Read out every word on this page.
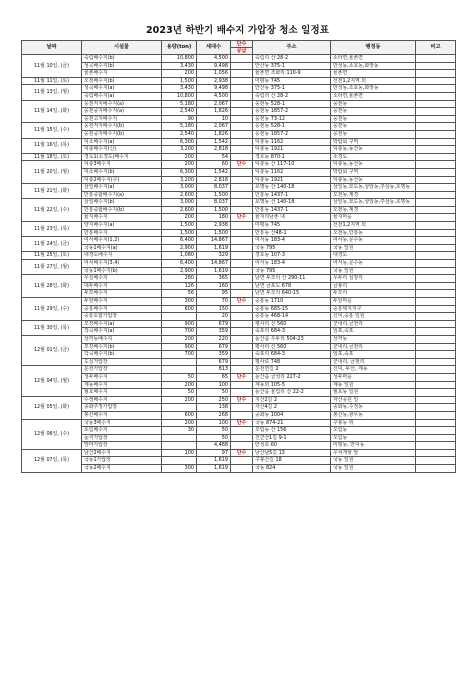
2023년 하반기 배수지 가압장 청소 일정표
날짜	시설물	용량(ton)	세대수	단수
공급	주소	행정동	비고
11월 10일, (금)	죽림배수지(b)	10,800	4,500		죽림리 산 28-2	소라면,율촌면	
	성곡배수지(b)	3,430	9,498		안산동 375-1	만성동,소호동,화장동	
	율촌배수지	200	1,056		율촌면 조화리 110-9	율촌면	
11월 11일, (토)	오천배수지(b)	1,500	2,938		미평동 745	선천1,2지역 외	
11월 13일, (월)	성곡배수지(a)	3,430	9,498		안산동 375-1	만성동,소호동,화장동	
	죽림배수지(a)	10,800	4,500		죽림리 산 28-2	소라면,율촌면	
11월 14일, (화)	웅천저지배수지(a)	5,180	2,067		웅천동 528-1	웅천동	
	웅천중지배수지(a)	2,540	1,826		웅천동 1857-2	웅천동	
	웅천고지배수지	90	10		웅천동 73-12	웅천동	
11월 15일, (수)	웅천저지배수지(b)	5,180	2,067		웅천동 528-1	웅천동	
	웅천중지배수지(b)	2,540	1,826		웅천동 1857-2	웅천동	
11월 16일, (목)	덕소배수지(a)	6,300	1,542		덕충동 1162	박람회 구역	
	덕충배수지(신)	3,200	2,818		덕충동 1921	덕충동,동산동	
11월 18일, (토)	경도1(소경도)배수지	200	54		경호동 870-1	소경도	
11월 20일, (월)	덕충3배수지	200	60	단수	덕충동 산 117-10	덕충동,동산동	
	덕소배수지(b)	6,300	1,542		덕충동 1162	박람회 구역	
	덕충2배수지(구)	3,200	2,818		덕충동 1921	덕충동,동산동	
11월 21일, (화)	삼일배수지(a)	3,000	8,037		호명동 산 140-18	삼일동,묘도동,상암동,주삼동,호명동	
	만흥중합배수지(a)	2,600	1,500		만흥동 1437-1	오천동,제경	
11월 22일, (수)	삼일배수지(b)	3,000	8,037		호명동 산 140-18	삼일동,묘도동,상암동,주삼동,호명동	
	만흥중합배수지(b)	2,600	1,500		만흥동 1437-1	오천동,제경	
	율지배수지	200	180	단수	율지리남촌 내	율지마을	
11월 23일, (목)	양지배수지(a)	1,500	2,938		미평동 745	선천1,2지역 외	
	만흥배수지	1,500	1,500		만흥동 산48-1	오천동,만흥동	
11월 24일, (금)	여서배수지(1,2)	6,400	14,867		여서동 183-4	여서동,문수동	
	국동1배수지(a)	2,900	1,619		국동 795	국동 일원	
11월 25일, (토)	대경도배수지	1,080	329		경호동 107-3	대경도	
11월 27일, (월)	여서배수지(3,4)	6,400	14,867		여서동 183-4	여서동,문수동	
	국동1배수지(b)	2,900	1,619		국동 795	국동 일원	
11월 28일, (화)	우실배수지	280	365		남면 두모리 산 290-11	우두리 심장리	
	대두배수지	126	160		남면 금포도 678	금봉리	
	두모배수지	56	95		남면 두모리 640-15	두모리	
11월 29일, (수)	두암배수지	300	70	단수	중흥동 1710	두암마을	
	중흥배수지	600	150		중흥동 665-15	중흥택지지구	
	중흥토합가압장		20		중흥동 468-14	신덕,중흥 일원	
11월 30일, (목)	모장배수지(a)	900	679		평사리 산 560	군내리,금천리	
	작곡배수지(a)	700	359		죽포리 684-3	임포,죽포	
12월 01일, (금)	상까동배수지	200	220		돌산읍 우두리 504-23	상까동	
	모장배수지(b)	900	679		평사리 산 560	군내리,금천리	
	작곡배수지(b)	700	359		죽포리 684-3	임포,죽포	
	도실가압장		679		평사로 748	군내리, 금천리	
12월 04일, (월)	둔전가압장		813		둔전면길 2	신덕, 두산, 계동	
	성두배수지	50	65	단수	돌산읍 금성리 227-2	성두마을	
	계동배수지	200	100		계동외 105-5	계동 일원	
	월호배수지	50	50		돌산읍 율림리 산 22-2	월호동 일원	
12월 05일, (화)	수정배수지	200	250	단수	지산2길 2	자산공원 일	
	종화주정가압장		138		자산4길 2	종화동,수정동	
	봉산배수지	600	268		공화동 1004	봉산동,광무동	
12월 06일, (수)	국동3배수지	200	100	단수	국동 874-21	구봉동 위	
	토림배수지	30	50		오림동 산 156	오림동	
	돌극가압장		50		진군산1길 9-1	오림동	
	망마가압장		4,488		만성로 60	미평동, 만덕동	
12월 07일, (목)	남산2배수지	100	97	단수	남산남5길 13	우치개항 앞	
	국동1가압장		1,619		구봉산길 18	국동 일원	
	국동2배수지	300	1,619		국동 824	국동 일원	
